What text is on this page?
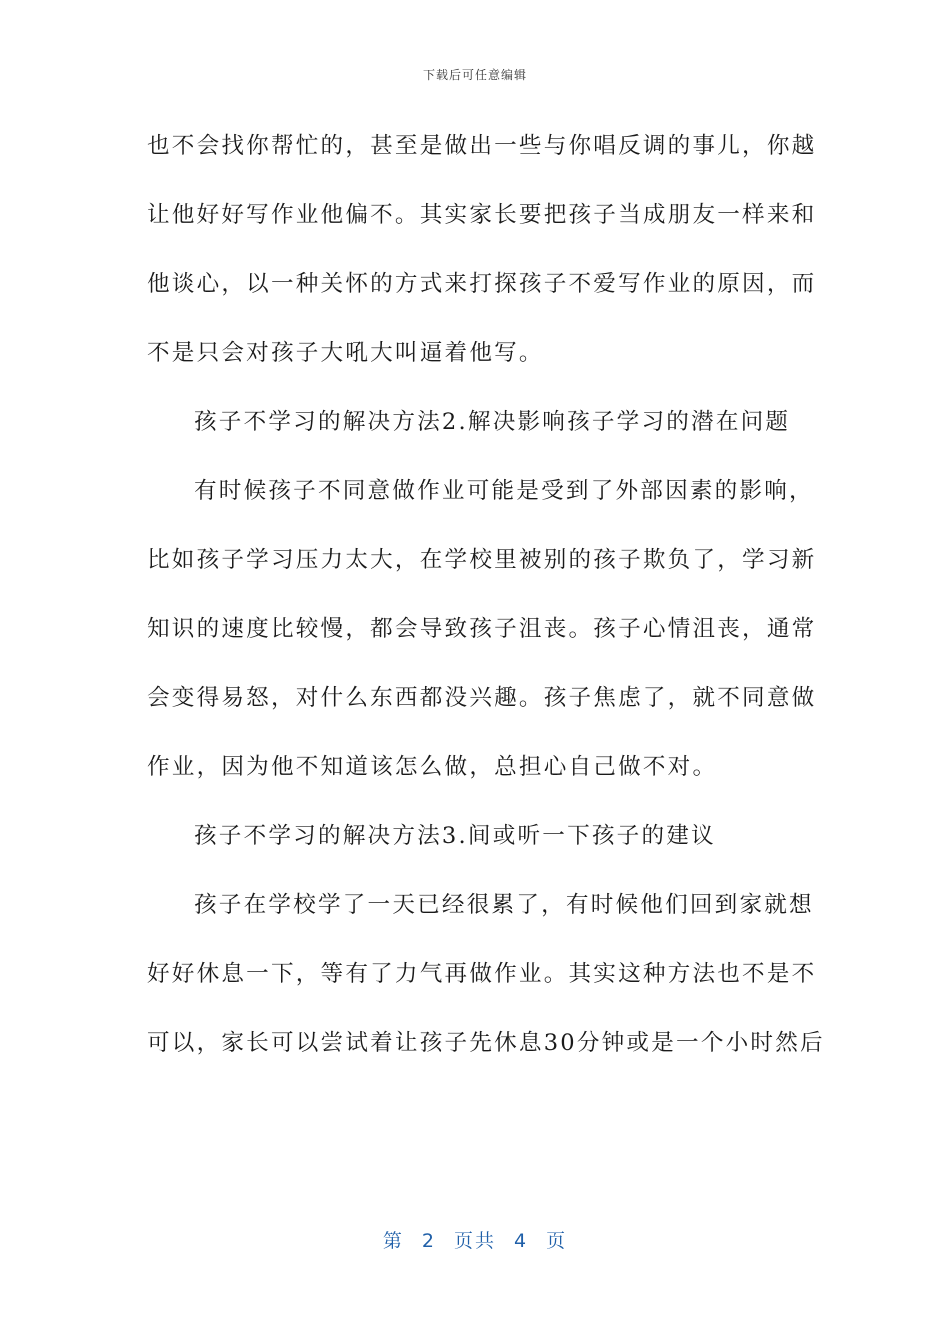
下载后可任意编辑
也不会找你帮忙的，甚至是做出一些与你唱反调的事儿，你越
让他好好写作业他偏不。其实家长要把孩子当成朋友一样来和
他谈心，以一种关怀的方式来打探孩子不爱写作业的原因，而
不是只会对孩子大吼大叫逼着他写。
孩子不学习的解决方法2.解决影响孩子学习的潜在问题
有时候孩子不同意做作业可能是受到了外部因素的影响，
比如孩子学习压力太大，在学校里被别的孩子欺负了，学习新
知识的速度比较慢，都会导致孩子沮丧。孩子心情沮丧，通常
会变得易怒，对什么东西都没兴趣。孩子焦虑了，就不同意做
作业，因为他不知道该怎么做，总担心自己做不对。
孩子不学习的解决方法3.间或听一下孩子的建议
孩子在学校学了一天已经很累了，有时候他们回到家就想
好好休息一下，等有了力气再做作业。其实这种方法也不是不
可以，家长可以尝试着让孩子先休息30分钟或是一个小时然后
第 2 页共 4 页
